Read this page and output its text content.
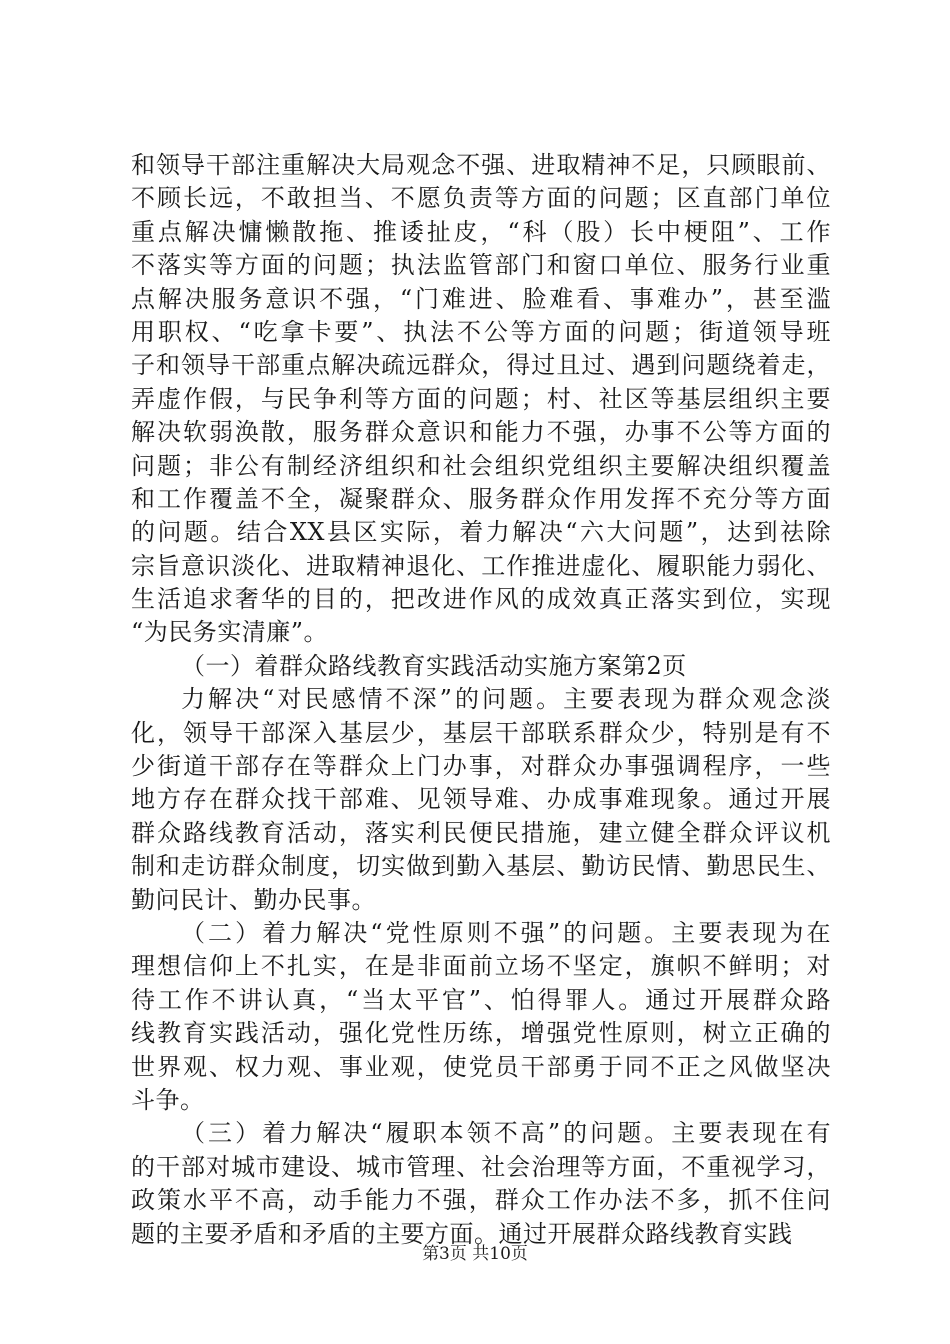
和领导干部注重解决大局观念不强、进取精神不足，只顾眼前、
不顾长远，不敢担当、不愿负责等方面的问题；区直部门单位
重点解决慵懒散拖、推诿扯皮，“科（股）长中梗阻”、工作
不落实等方面的问题；执法监管部门和窗口单位、服务行业重
点解决服务意识不强，“门难进、脸难看、事难办”，甚至滥
用职权、“吃拿卡要”、执法不公等方面的问题；街道领导班
子和领导干部重点解决疏远群众，得过且过、遇到问题绕着走，
弄虚作假，与民争利等方面的问题；村、社区等基层组织主要
解决软弱涣散，服务群众意识和能力不强，办事不公等方面的
问题；非公有制经济组织和社会组织党组织主要解决组织覆盖
和工作覆盖不全，凝聚群众、服务群众作用发挥不充分等方面
的问题。结合XX县区实际，着力解决“六大问题”，达到祛除
宗旨意识淡化、进取精神退化、工作推进虚化、履职能力弱化、
生活追求奢华的目的，把改进作风的成效真正落实到位，实现
“为民务实清廉”。
（一）着群众路线教育实践活动实施方案第2页
力解决“对民感情不深”的问题。主要表现为群众观念淡
化，领导干部深入基层少，基层干部联系群众少，特别是有不
少街道干部存在等群众上门办事，对群众办事强调程序，一些
地方存在群众找干部难、见领导难、办成事难现象。通过开展
群众路线教育活动，落实利民便民措施，建立健全群众评议机
制和走访群众制度，切实做到勤入基层、勤访民情、勤思民生、
勤问民计、勤办民事。
（二）着力解决“党性原则不强”的问题。主要表现为在
理想信仰上不扎实，在是非面前立场不坚定，旗帜不鲜明；对
待工作不讲认真，“当太平官”、怕得罪人。通过开展群众路
线教育实践活动，强化党性历练，增强党性原则，树立正确的
世界观、权力观、事业观，使党员干部勇于同不正之风做坚决
斗争。
（三）着力解决“履职本领不高”的问题。主要表现在有
的干部对城市建设、城市管理、社会治理等方面，不重视学习，
政策水平不高，动手能力不强，群众工作办法不多，抓不住问
题的主要矛盾和矛盾的主要方面。通过开展群众路线教育实践
第3页 共10页
